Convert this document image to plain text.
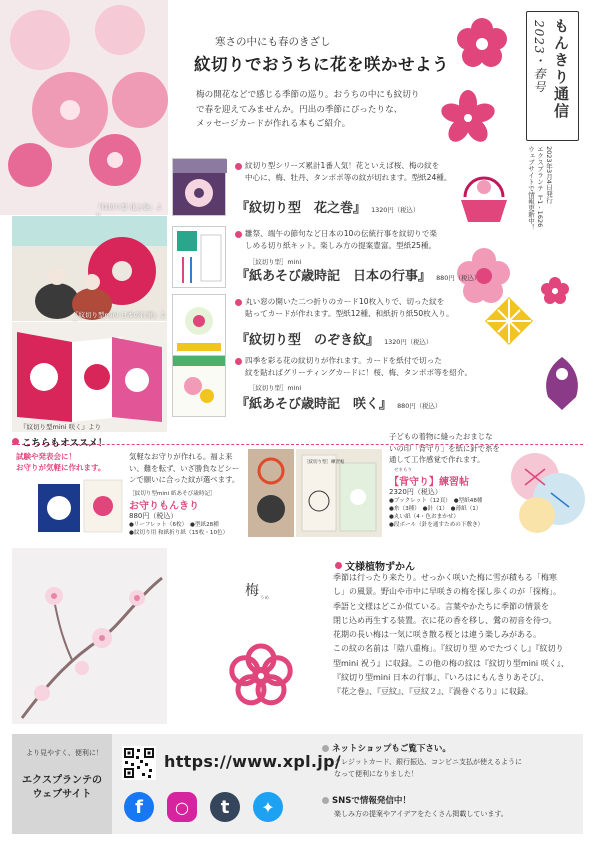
『紋切り型 花之巻』よ
『紋切り型mini 日本の行事』よ
『紋切り型mini 咲く』より
寒さの中にも春のきざし
紋切りでおうちに花を咲かせよう
梅の開花などで感じる季節の巡り。おうちの中にも紋切り
で春を迎えてみませんか。円出の季節にぴったりな、
メッセージカードが作れる本もご紹介。
もんきり通信
2023・春号
2023年3月4日発行
エクスプランテ 〒1 - 1626
ウェブサイトで情報更新中！
紋切り型シリーズ累計1番人気！花といえば桜、梅の紋を
中心に、梅、牡丹、タンポポ等の紋が切れます。型紙24種。
『紋切り型　花之巻』 1320円（税込）
雛祭、端午の節句など日本の10の伝統行事を紋切りで楽
しめる切り紙キット。楽しみ方の提案豊富。型紙25種。
［紋切り型］mini
『紙あそび歳時記　日本の行事』 880円（税込）
丸い窓の開いた二つ折りのカード10枚入りで、切った紋を
貼ってカードが作れます。型紙12種、和紙折り紙50枚入り。
『紋切り型　のぞき紋』 1320円（税込）
四季を彩る花の紋切りが作れます。カードを紙付で切った
紋を貼ればグリーティングカードに！桜、梅、タンポポ等を紹介。
［紋切り型］mini
『紙あそび歳時記　咲く』 880円（税込）
こちらもオススメ！
試験や発表会に！
お守りが気軽に作れます。
気軽なお守りが作れる。福よ来
い、難を転ず、いざ勝負などシー
ンで願いに合った紋が選べます。
［紋切り型mini 紙あそび歳時記］
お守りもんきり
880円（税込）
●リーフレット（6枚）　●型紙28種
●紋切り用 和紙折り紙（15枚・10色）
［紋切り型］練習帖
子どもの着物に縫ったおまじな
いの印「背守り」を紙に針で糸を
通して工作感覚で作れます。
せまもり
【背守り】練習帖
2320円（税込）
●ブックレット（12頁）　●型紙48種
●糸（3種）　●針（1）　●薄紙（1）
●丸い紙（4・色おまかせ）
●段ボール（針を通すための下敷き）
文様植物ずかん
梅 うめ
季節は行ったり来たり。せっかく咲いた梅に雪が積もる「梅寒
し」の風景。野山や市中に早咲きの梅を探し歩くのが「探梅」。
季語と文様はどこか似ている。言葉やかたちに季節の情景を
閉じ込め再生する装置。衣に花の香を移し、鶯の初音を待つ。
花期の長い梅は一気に咲き散る桜とは違う楽しみがある。
この紋の名前は「陰八重梅」。『紋切り型 めでたづくし』『紋切り
型mini 祝う』に収録。この他の梅の紋は『紋切り型mini 咲く』、
『紋切り型mini 日本の行事』、『いろはにもんきりあそび』、
『花之巻』、『豆紋』、『豆紋２』、『渦巻ぐるり』に収録。
より見やすく、便利に！
エクスプランテの
ウェブサイト
https://www.xpl.jp/
f ○ t ✦
ネットショップもご覧下さい。
クレジットカード、銀行振込、コンビニ支払が使えるように
なって便利になりました！
SNSで情報発信中！
楽しみ方の提案やアイデアをたくさん掲載しています。
